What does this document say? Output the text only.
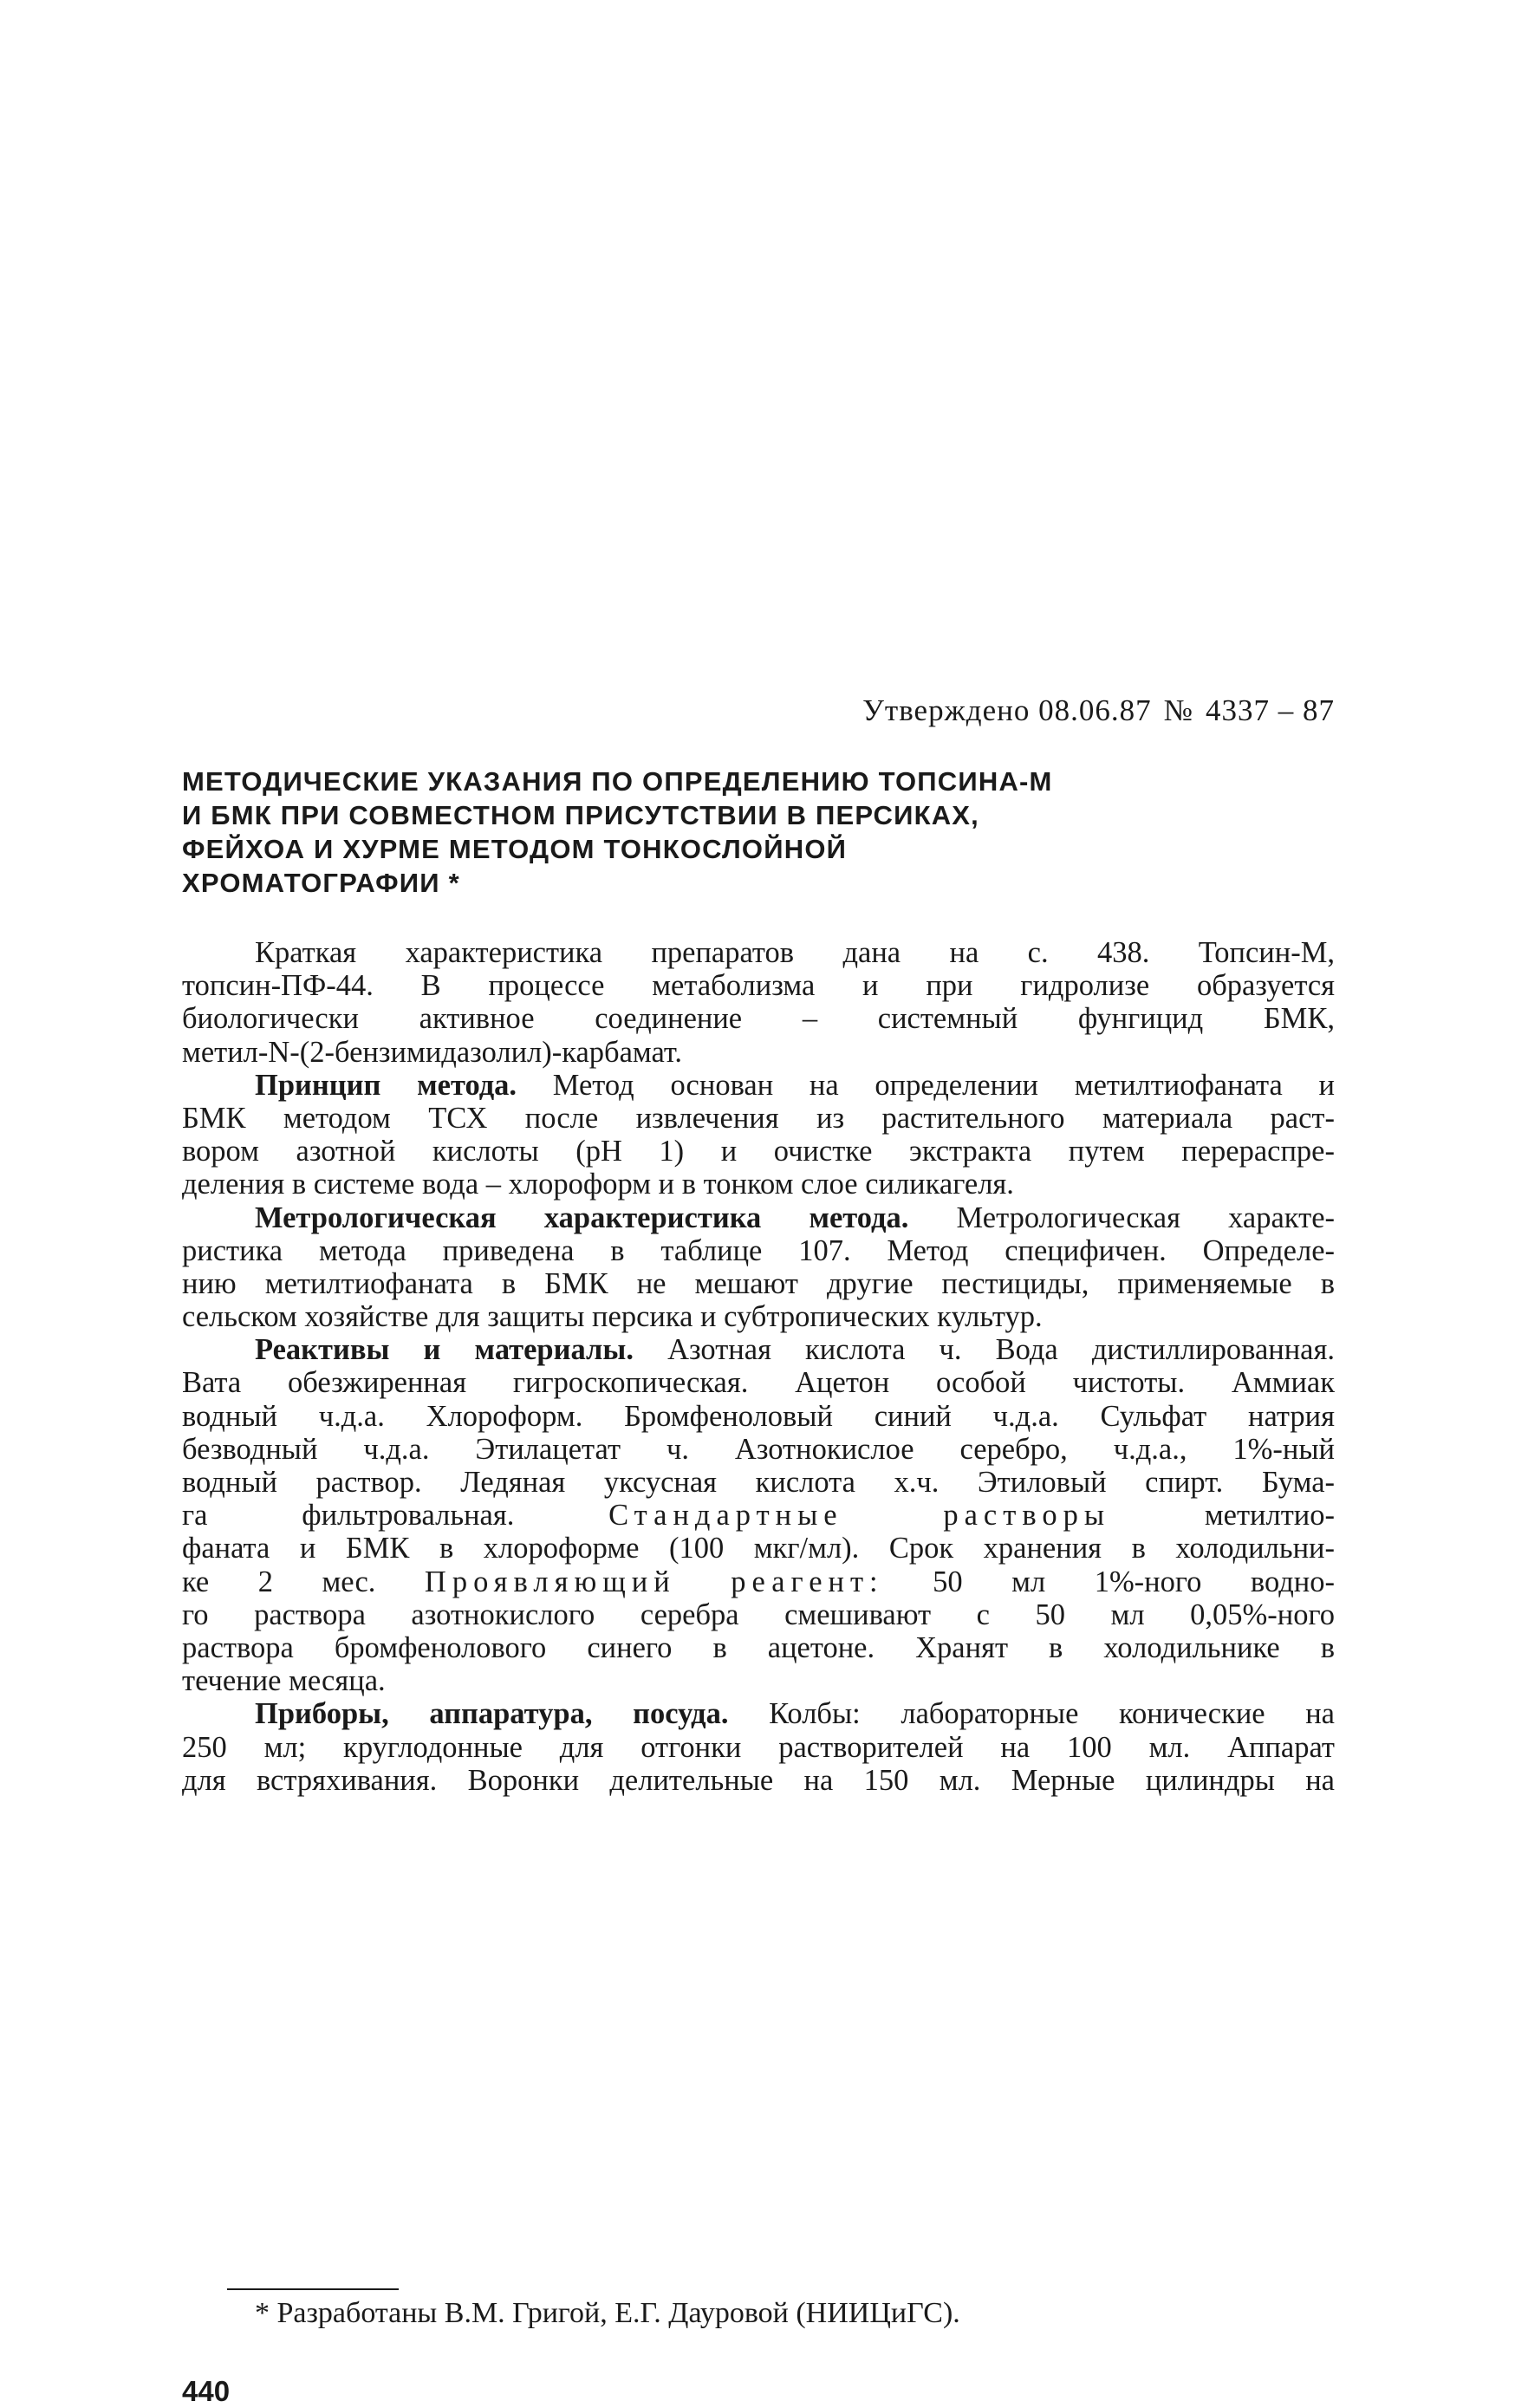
Утверждено 08.06.87 № 4337 – 87
МЕТОДИЧЕСКИЕ УКАЗАНИЯ ПО ОПРЕДЕЛЕНИЮ ТОПСИНА-М
И БМК ПРИ СОВМЕСТНОМ ПРИСУТСТВИИ В ПЕРСИКАХ,
ФЕЙХОА И ХУРМЕ МЕТОДОМ ТОНКОСЛОЙНОЙ
ХРОМАТОГРАФИИ *
Краткая характеристика препаратов дана на с. 438. Топсин-М,
топсин-ПФ-44. В процессе метаболизма и при гидролизе образуется
биологически активное соединение – системный фунгицид БМК,
метил-N-(2-бензимидазолил)-карбамат.
Принцип метода. Метод основан на определении метилтиофаната и
БМК методом ТСХ после извлечения из растительного материала раст-
вором азотной кислоты (рН 1) и очистке экстракта путем перераспре-
деления в системе вода – хлороформ и в тонком слое силикагеля.
Метрологическая характеристика метода. Метрологическая характе-
ристика метода приведена в таблице 107. Метод специфичен. Определе-
нию метилтиофаната в БМК не мешают другие пестициды, применяемые в
сельском хозяйстве для защиты персика и субтропических культур.
Реактивы и материалы. Азотная кислота ч. Вода дистиллированная.
Вата обезжиренная гигроскопическая. Ацетон особой чистоты. Аммиак
водный ч.д.а. Хлороформ. Бромфеноловый синий ч.д.а. Сульфат натрия
безводный ч.д.а. Этилацетат ч. Азотнокислое серебро, ч.д.а., 1%-ный
водный раствор. Ледяная уксусная кислота х.ч. Этиловый спирт. Бума-
га фильтровальная.	Стандартные растворы	метилтио-
фаната и БМК в хлороформе (100 мкг/мл). Срок хранения в холодильни-
ке 2 мес. Проявляющий реагент: 50 мл 1%-ного водно-
го раствора азотнокислого серебра смешивают с 50 мл 0,05%-ного
раствора бромфенолового синего в ацетоне. Хранят в холодильнике в
течение месяца.
Приборы, аппаратура, посуда. Колбы: лабораторные конические на
250 мл; круглодонные для отгонки растворителей на 100 мл. Аппарат
для встряхивания. Воронки делительные на 150 мл. Мерные цилиндры на
* Разработаны В.М. Григой, Е.Г. Дауровой (НИИЦиГС).
440
